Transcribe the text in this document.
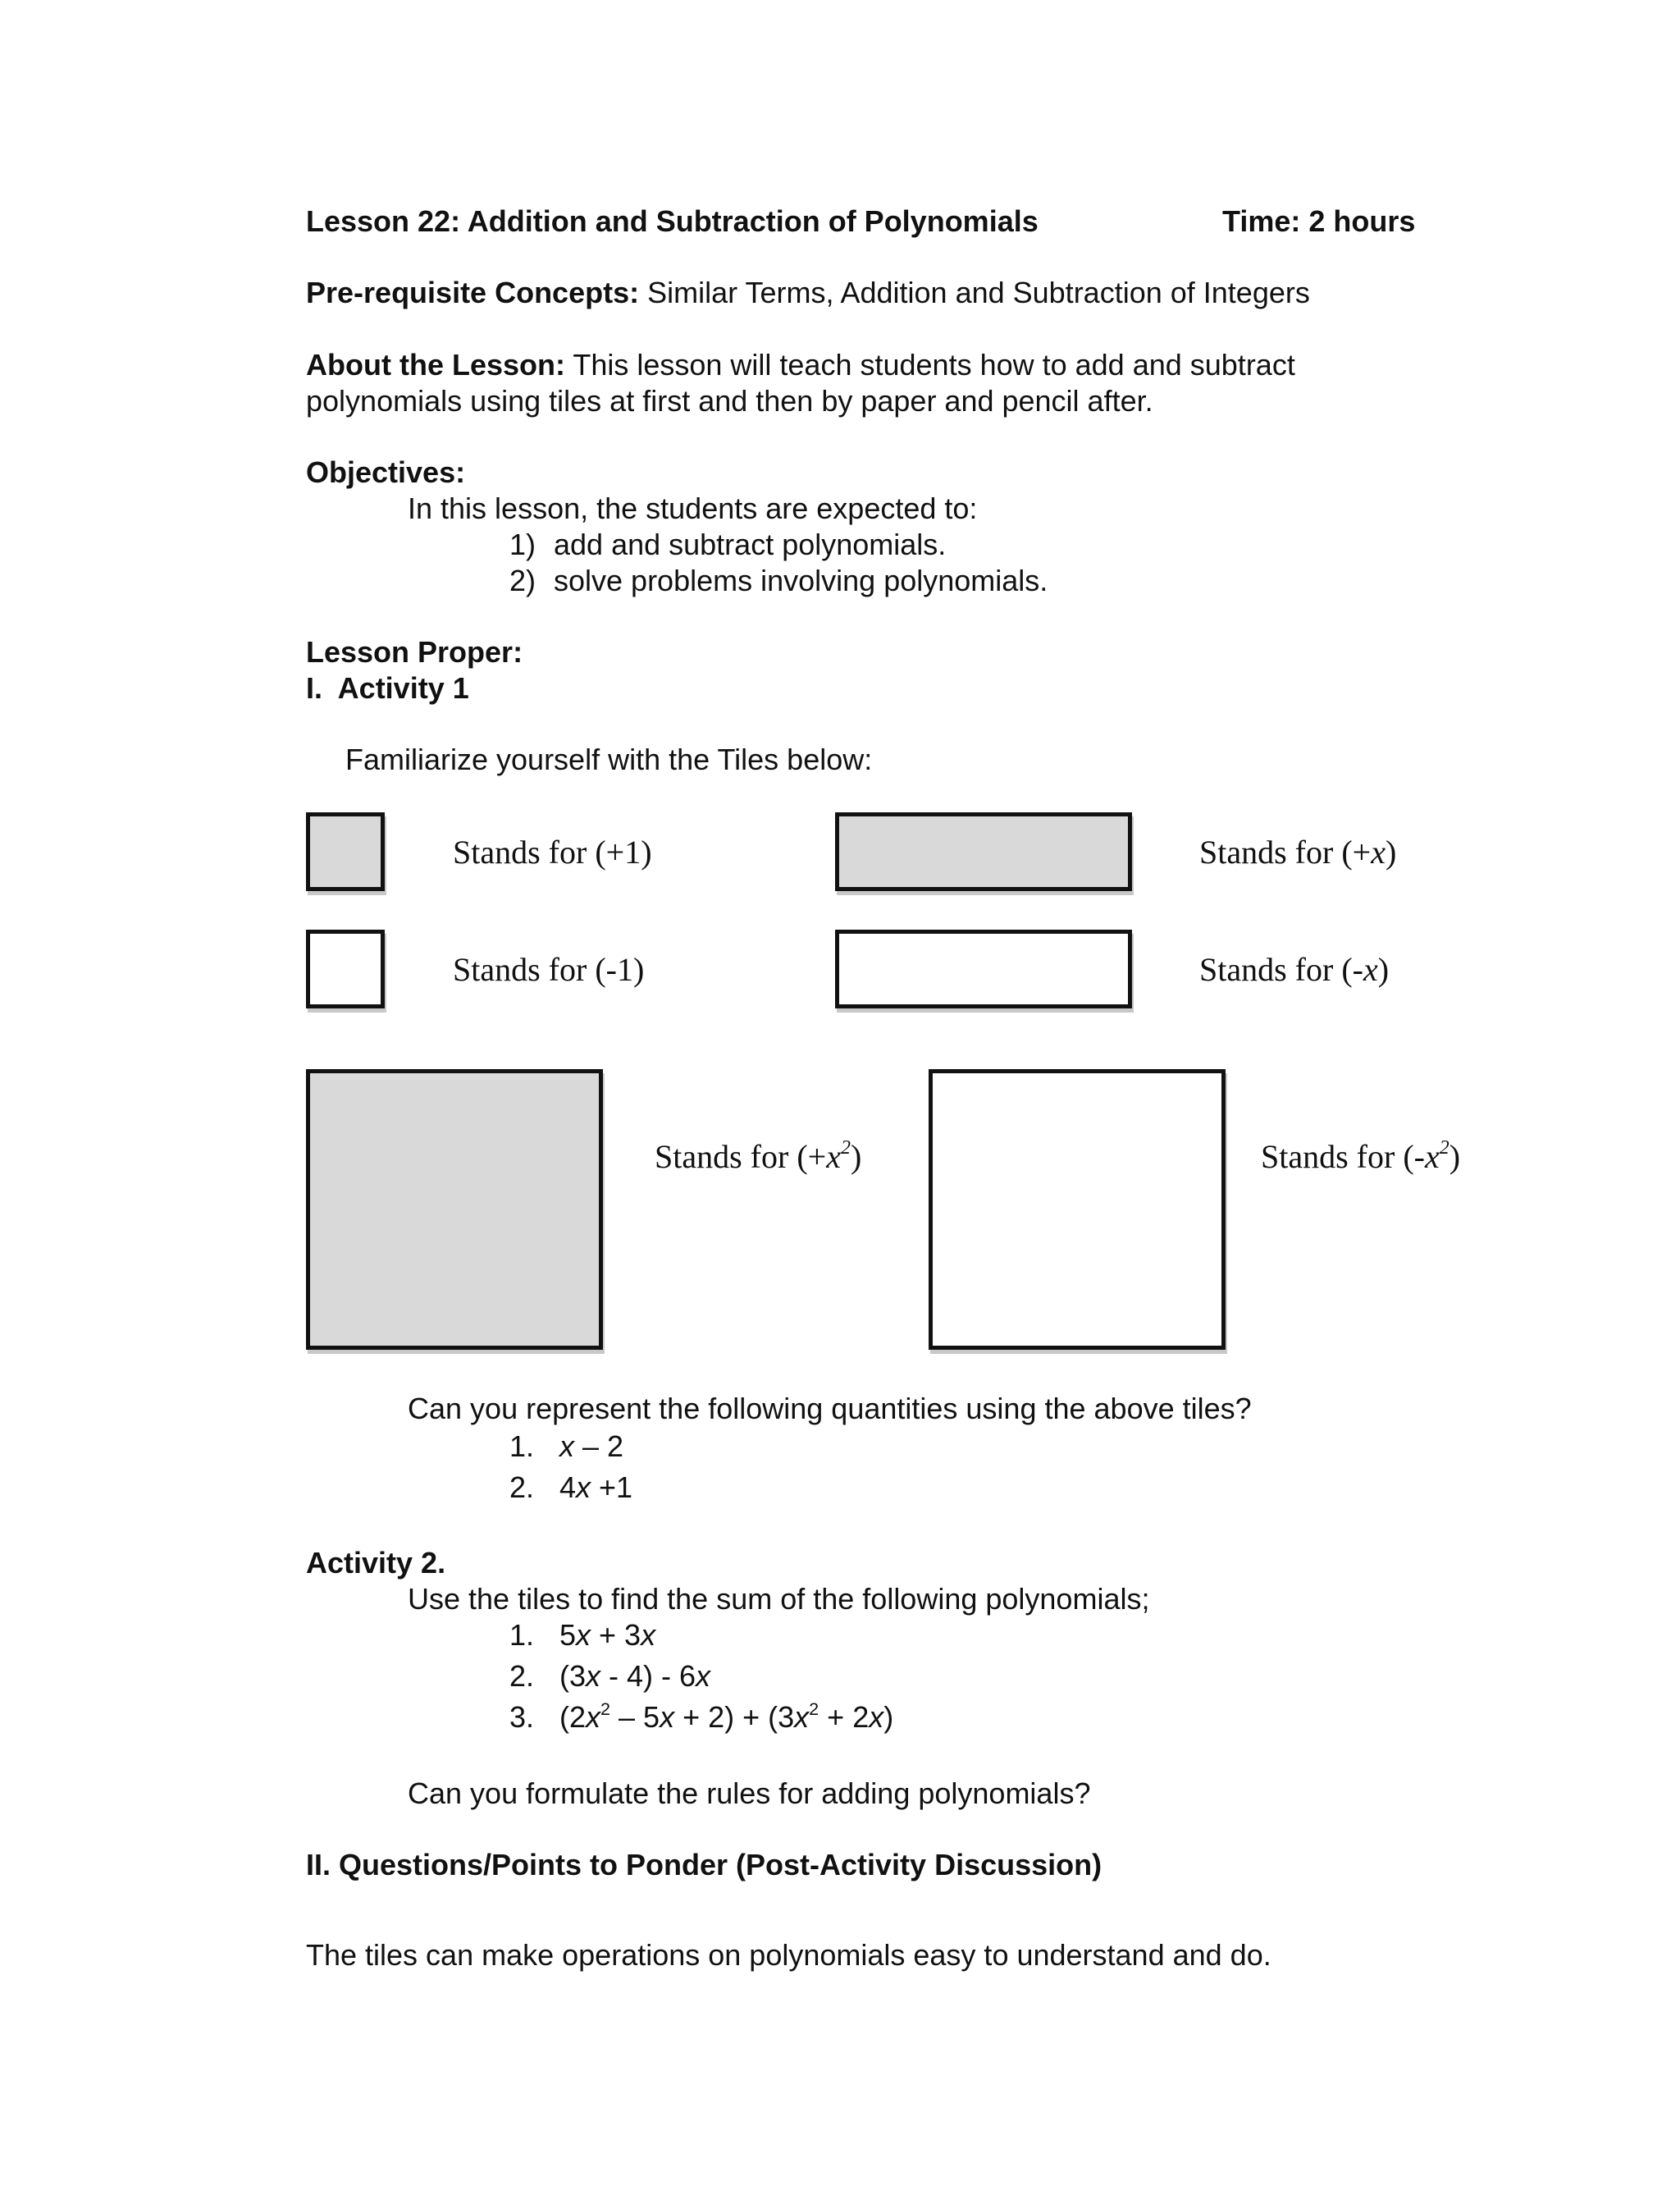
Lesson 22: Addition and Subtraction of Polynomials	Time: 2 hours
Pre-requisite Concepts: Similar Terms, Addition and Subtraction of Integers
About the Lesson: This lesson will teach students how to add and subtract
polynomials using tiles at first and then by paper and pencil after.
Objectives:
In this lesson, the students are expected to:
1) add and subtract polynomials.
2) solve problems involving polynomials.
Lesson Proper:
I.  Activity 1
Familiarize yourself with the Tiles below:
Stands for (+1)	Stands for (+x)
Stands for (-1)	Stands for (-x)
Stands for $(+x^2)$	Stands for $(-x^2)$
Can you represent the following quantities using the above tiles?
1. x – 2
2. 4x +1
Activity 2.
Use the tiles to find the sum of the following polynomials;
1. 5x + 3x
2. (3x - 4) - 6x
3. $(2x^2 - 5x + 2) + (3x^2 + 2x)$
Can you formulate the rules for adding polynomials?
II. Questions/Points to Ponder (Post-Activity Discussion)
The tiles can make operations on polynomials easy to understand and do.
